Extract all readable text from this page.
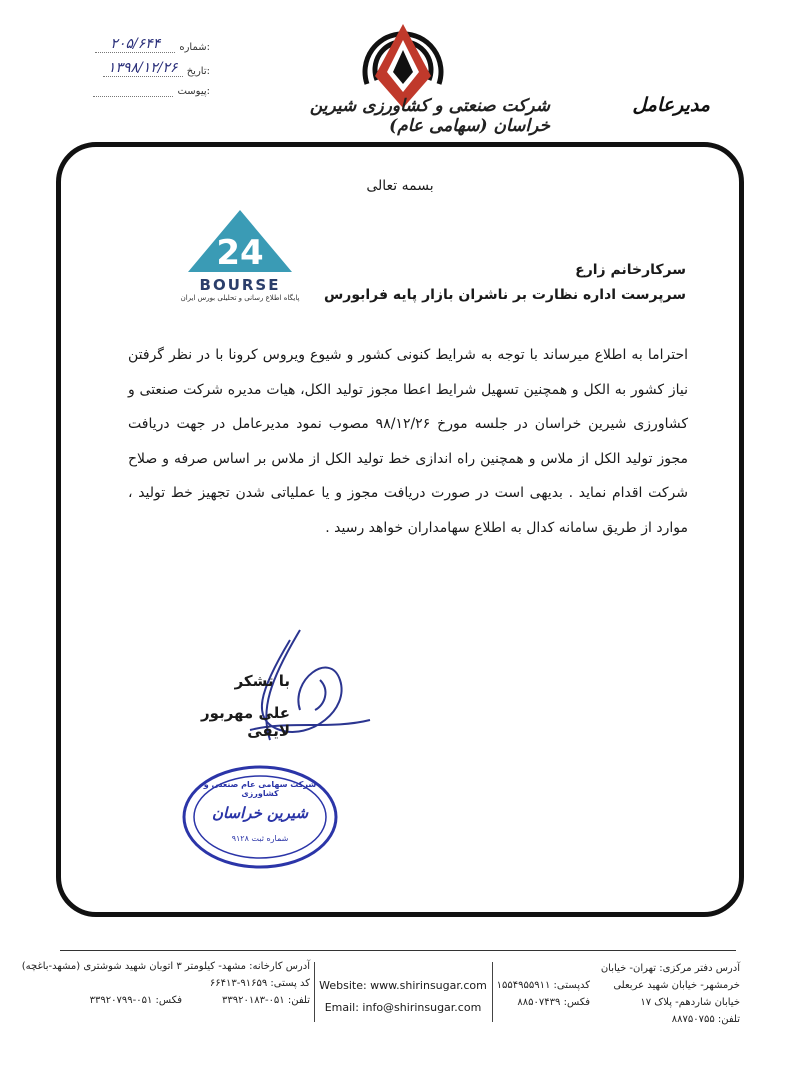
شرکت صنعتی و کشاورزی شیرین خراسان (سهامی عام)
مدیرعامل
۲۰۵/۶۴۴	شماره:
۱۳۹۸/۱۲/۲۶ تاریخ:
پیوست:
بسمه تعالی
24
BOURSE
پایگاه اطلاع رسانی و تحلیلی بورس ایران
سرکارخانم زارع
سرپرست اداره نظارت بر ناشران بازار پایه فرابورس
احتراما به اطلاع میرساند با توجه به شرایط کنونی کشور و شیوع ویروس کرونا با در نظر گرفتن نیاز کشور به الکل و همچنین تسهیل شرایط اعطا مجوز تولید الکل، هیات مدیره شرکت صنعتی و کشاورزی شیرین خراسان در جلسه مورخ ۹۸/۱۲/۲۶ مصوب نمود مدیرعامل در جهت دریافت مجوز تولید الکل از ملاس و همچنین راه اندازی خط تولید الکل از ملاس بر اساس صرفه و صلاح شرکت اقدام نماید . بدیهی است در صورت دریافت مجوز و یا عملیاتی شدن تجهیز خط تولید ، موارد از طریق سامانه کدال به اطلاع سهامداران خواهد رسید .
با تشکر
علی مهربور لایقی
شرکت سهامی عام صنعتی و کشاورزی
شیرین خراسان
شماره ثبت ۹۱۲۸
آدرس دفتر مرکزی: تهران- خیابان خرمشهر- خیابان شهید عربعلی
خیابان شاردهم- پلاک ۱۷
تلفن: ۸۸۷۵۰۷۵۵
کدپستی: ۱۵۵۴۹۵۵۹۱۱
فکس: ۸۸۵۰۷۴۳۹
Website: www.shirinsugar.com
Email: info@shirinsugar.com
آدرس کارخانه: مشهد- کیلومتر ۳ اتوبان شهید شوشتری (مشهد-باغچه)
کد پستی: ۹۱۶۵۹-۶۶۴۱۳
تلفن: ۰۵۱-۳۳۹۲۰۱۸۳
فکس: ۰۵۱-۳۳۹۲۰۷۹۹
